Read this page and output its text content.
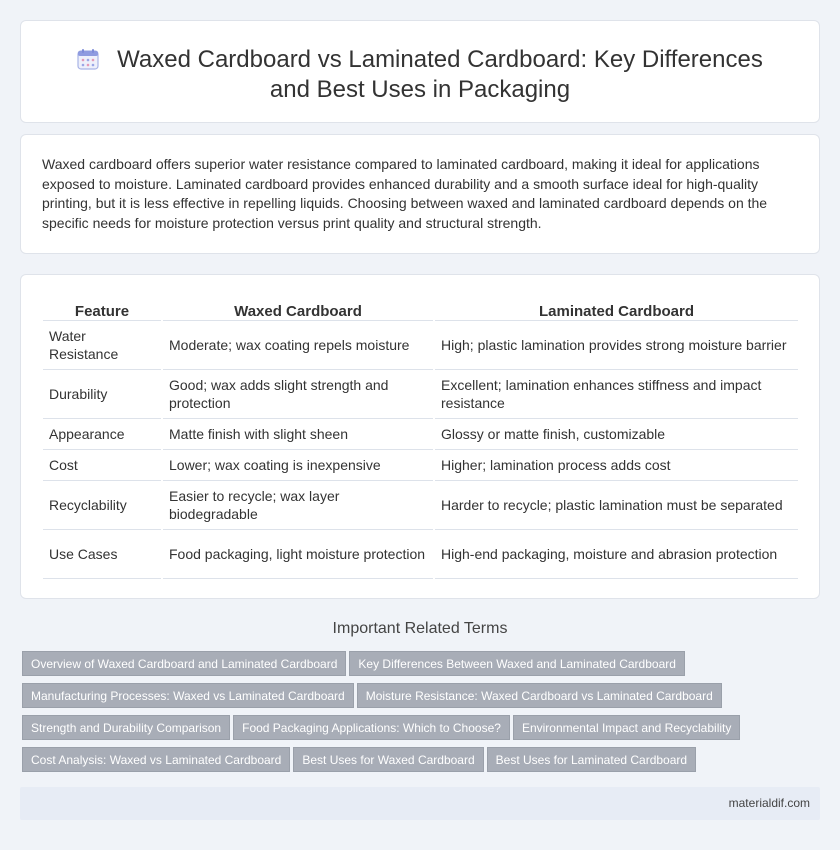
Waxed Cardboard vs Laminated Cardboard: Key Differences and Best Uses in Packaging

Waxed cardboard offers superior water resistance compared to laminated cardboard, making it ideal for applications exposed to moisture. Laminated cardboard provides enhanced durability and a smooth surface ideal for high-quality printing, but it is less effective in repelling liquids. Choosing between waxed and laminated cardboard depends on the specific needs for moisture protection versus print quality and structural strength.

Feature	Waxed Cardboard	Laminated Cardboard
Water Resistance	Moderate; wax coating repels moisture	High; plastic lamination provides strong moisture barrier
Durability	Good; wax adds slight strength and protection	Excellent; lamination enhances stiffness and impact resistance
Appearance	Matte finish with slight sheen	Glossy or matte finish, customizable
Cost	Lower; wax coating is inexpensive	Higher; lamination process adds cost
Recyclability	Easier to recycle; wax layer biodegradable	Harder to recycle; plastic lamination must be separated
Use Cases	Food packaging, light moisture protection	High-end packaging, moisture and abrasion protection
Important Related Terms
Overview of Waxed Cardboard and Laminated Cardboard Key Differences Between Waxed and Laminated Cardboard
Manufacturing Processes: Waxed vs Laminated Cardboard Moisture Resistance: Waxed Cardboard vs Laminated Cardboard
Strength and Durability Comparison Food Packaging Applications: Which to Choose? Environmental Impact and Recyclability
Cost Analysis: Waxed vs Laminated Cardboard Best Uses for Waxed Cardboard Best Uses for Laminated Cardboard
materialdif.com
